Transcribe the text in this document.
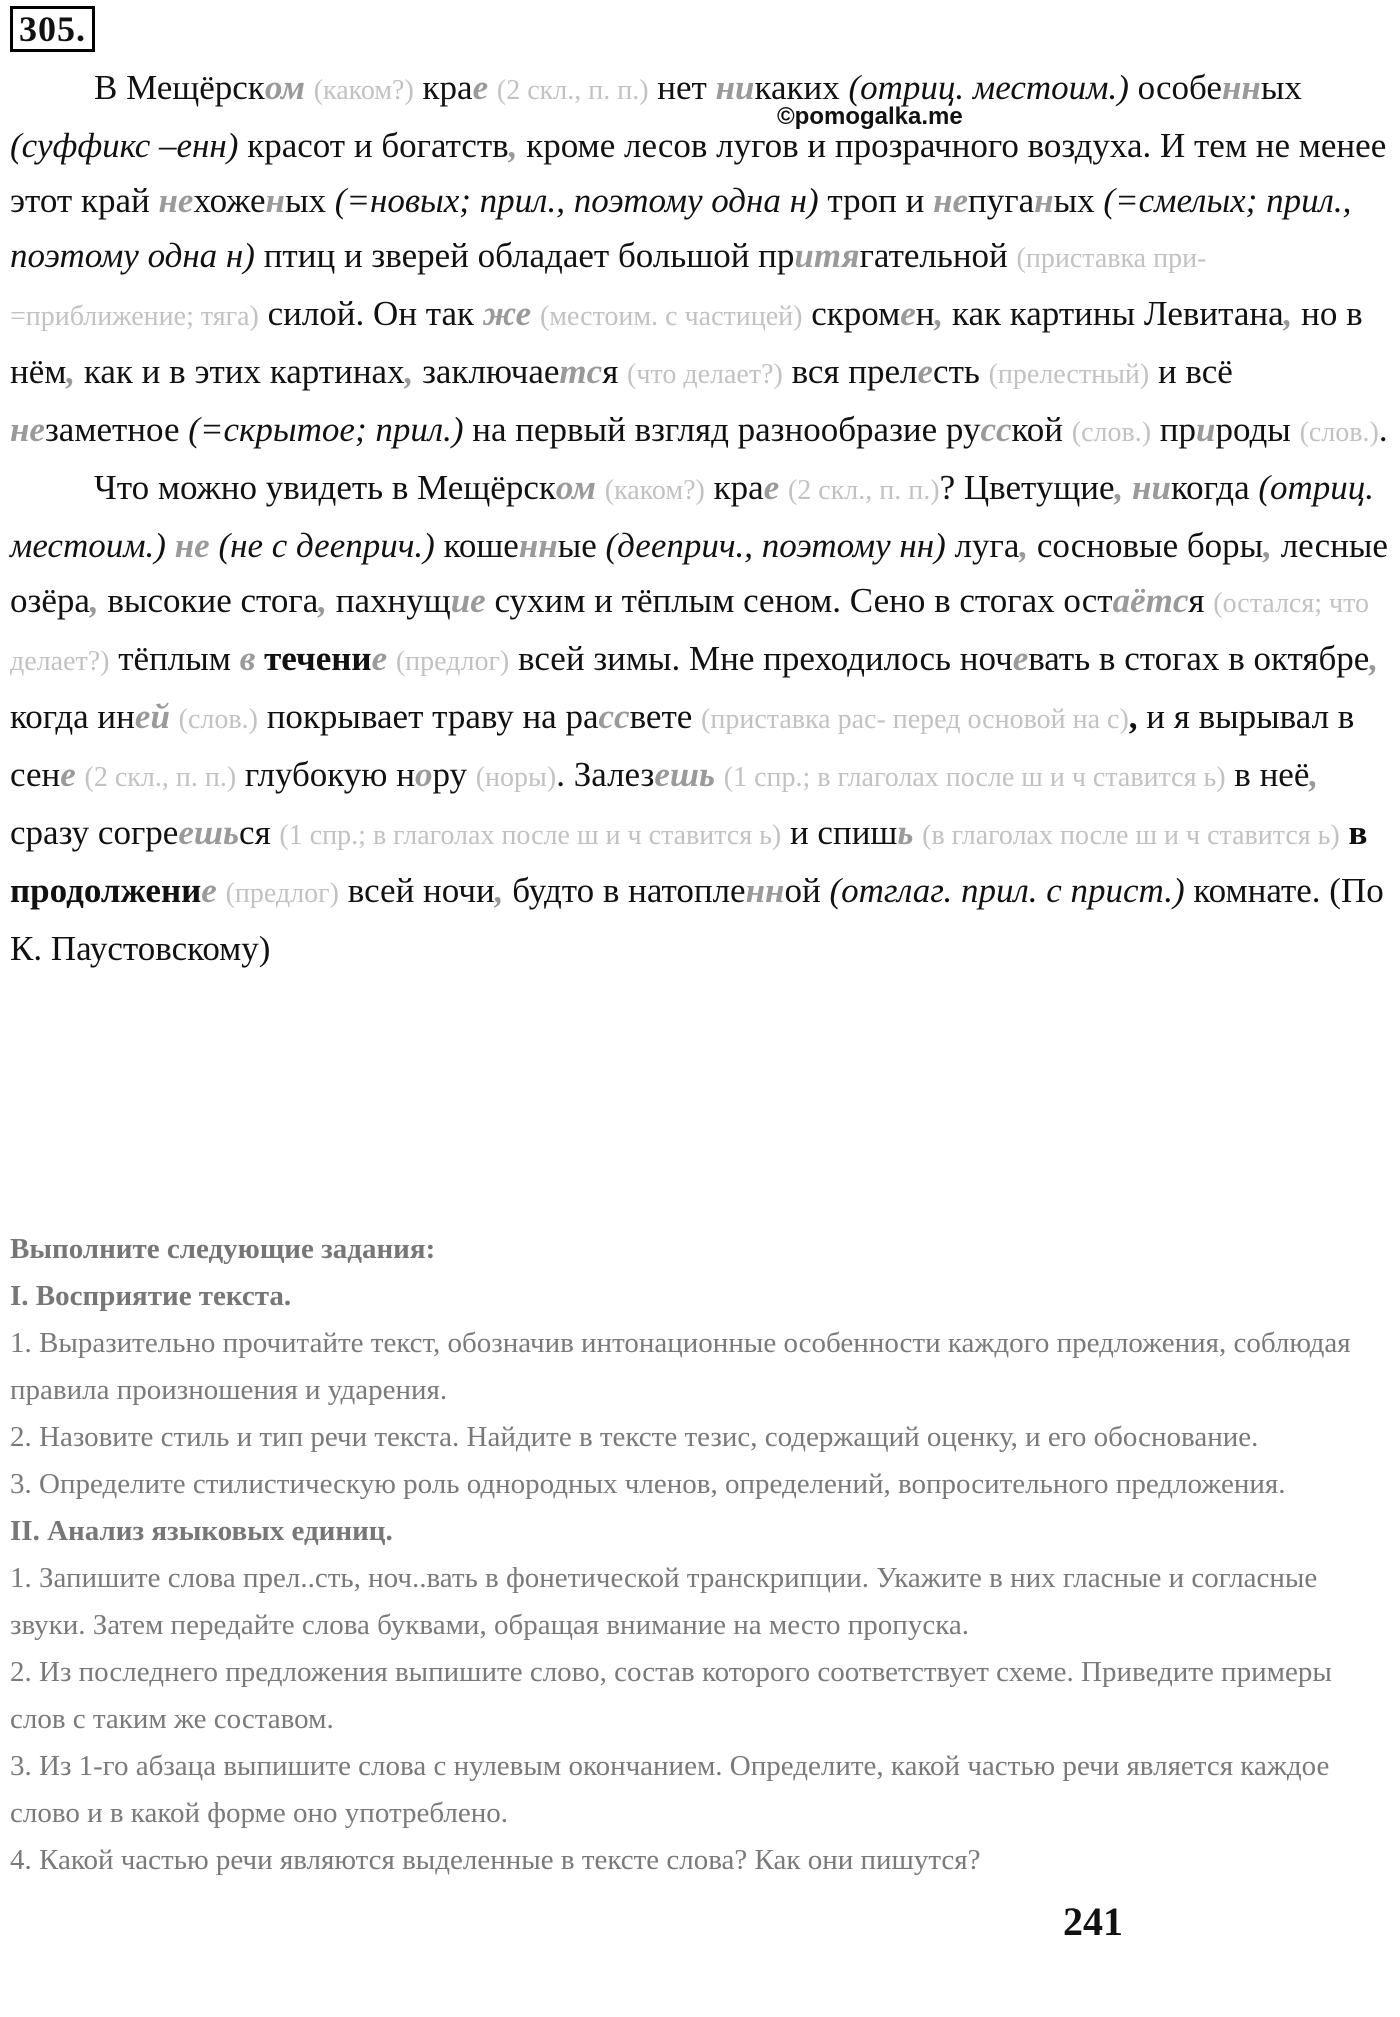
305.
©pomogalka.me

В Мещёрском (каком?) крае (2 скл., п. п.) нет никаких (отриц. местоим.) особенных (суффикс –енн) красот и богатств, кроме лесов лугов и прозрачного воздуха. И тем не менее этот край нехоженых (=новых; прил., поэтому одна н) троп и непуганых (=смелых; прил., поэтому одна н) птиц и зверей обладает большой притягательной (приставка при-=приближение; тяга) силой. Он так же (местоим. с частицей) скромен, как картины Левитана, но в нём, как и в этих картинах, заключается (что делает?) вся прелесть (прелестный) и всё незаметное (=скрытое; прил.) на первый взгляд разнообразие русской (слов.) природы (слов.).

Что можно увидеть в Мещёрском (каком?) крае (2 скл., п. п.)? Цветущие, никогда (отриц. местоим.) не (не с дееприч.) кошенные (дееприч., поэтому нн) луга, сосновые боры, лесные озёра, высокие стога, пахнущие сухим и тёплым сеном. Сено в стогах остаётся (остался; что делает?) тёплым в течение (предлог) всей зимы. Мне преходилось ночевать в стогах в октябре, когда иней (слов.) покрывает траву на рассвете (приставка рас- перед основой на с), и я вырывал в сене (2 скл., п. п.) глубокую нору (норы). Залезешь (1 спр.; в глаголах после ш и ч ставится ь) в неё, сразу согреешься (1 спр.; в глаголах после ш и ч ставится ь) и спишь (в глаголах после ш и ч ставится ь) в продолжение (предлог) всей ночи, будто в натопленной (отглаг. прил. с прист.) комнате. (По К. Паустовскому)

Выполните следующие задания:

I. Восприятие текста.

1. Выразительно прочитайте текст, обозначив интонационные особенности каждого предложения, соблюдая правила произношения и ударения.

2. Назовите стиль и тип речи текста. Найдите в тексте тезис, содержащий оценку, и его обоснование.

3. Определите стилистическую роль однородных членов, определений, вопросительного предложения.

II. Анализ языковых единиц.

1. Запишите слова прел..сть, ноч..вать в фонетической транскрипции. Укажите в них гласные и согласные звуки. Затем передайте слова буквами, обращая внимание на место пропуска.

2. Из последнего предложения выпишите слово, состав которого соответствует схеме. Приведите примеры слов с таким же составом.

3. Из 1-го абзаца выпишите слова с нулевым окончанием. Определите, какой частью речи является каждое слово и в какой форме оно употреблено.

4. Какой частью речи являются выделенные в тексте слова? Как они пишутся?

241
